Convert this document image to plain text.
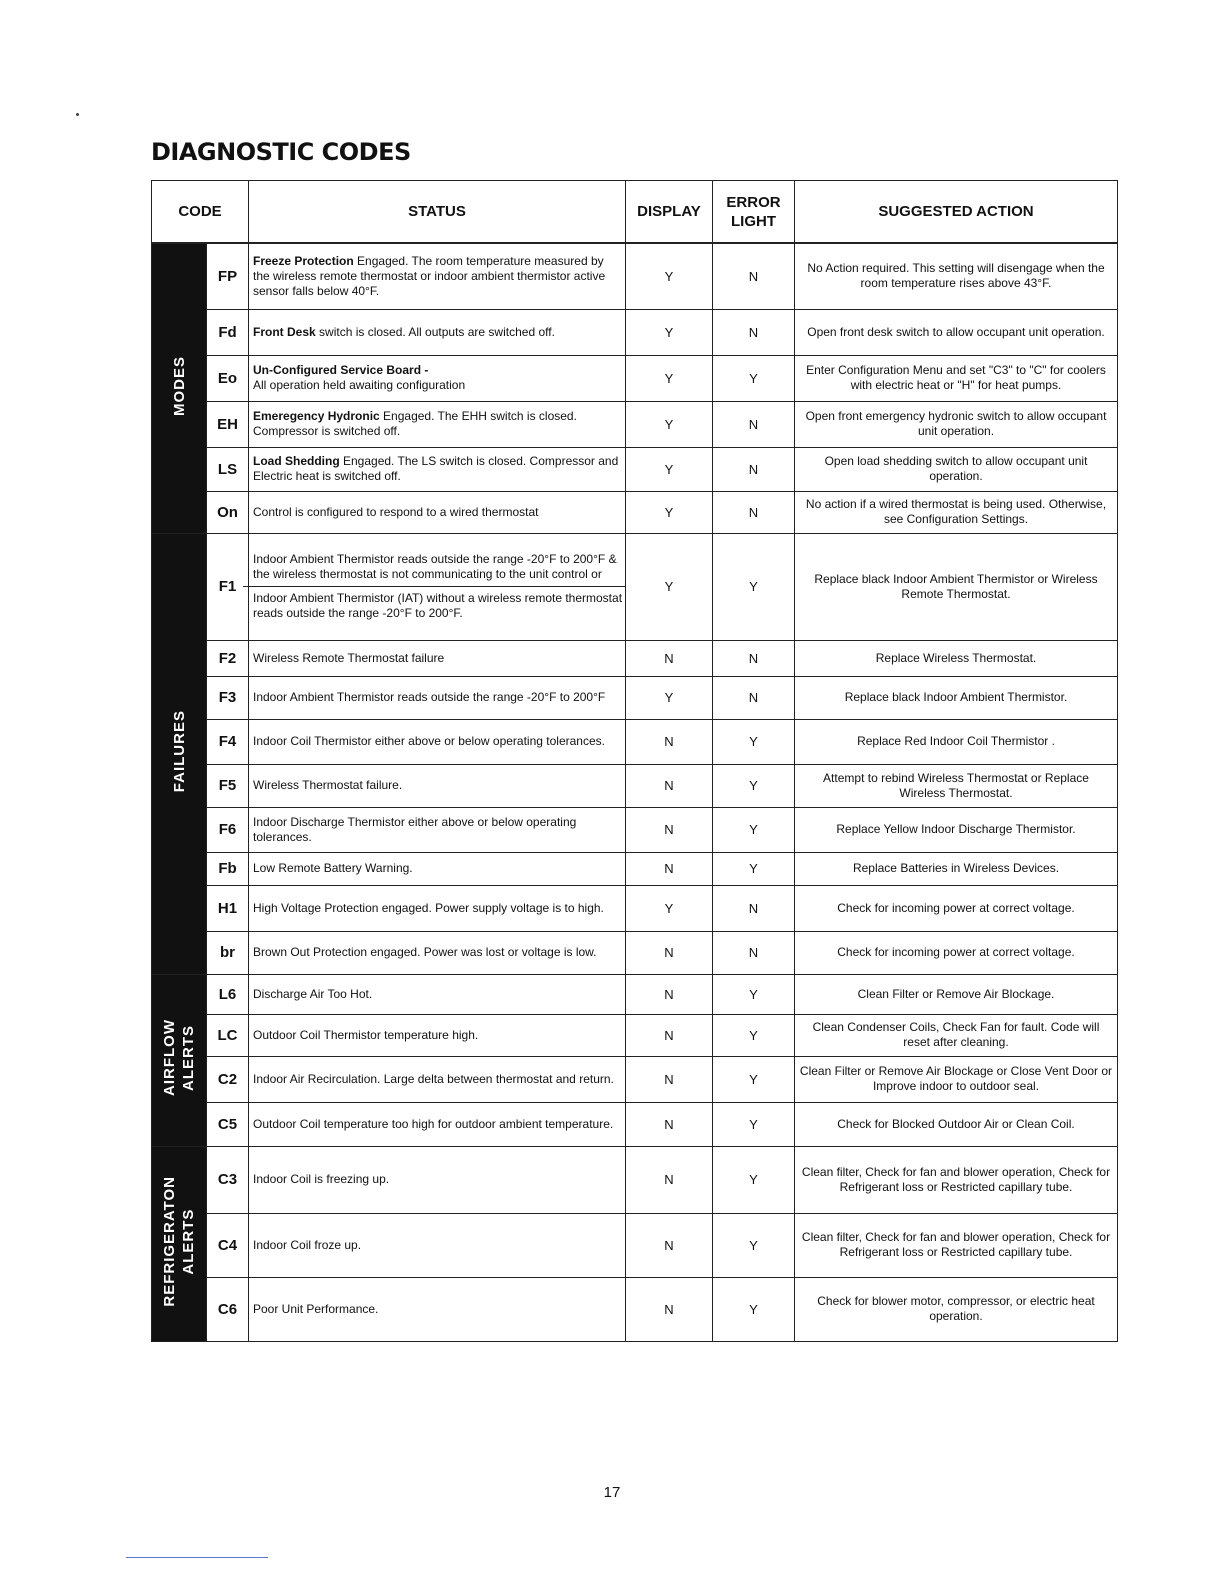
DIAGNOSTIC CODES
CODE		STATUS	DISPLAY	ERROR
LIGHT	SUGGESTED ACTION
MODES	FP	Freeze Protection Engaged. The room temperature measured by the wireless remote thermostat or indoor ambient thermistor active sensor falls below 40°F.	Y	N	No Action required. This setting will disengage when the room temperature rises above 43°F.
	Fd	Front Desk switch is closed. All outputs are switched off.	Y	N	Open front desk switch to allow occupant unit operation.
	Eo	Un-Configured Service Board -
All operation held awaiting configuration	Y	Y	Enter Configuration Menu and set "C3" to "C" for coolers with electric heat or "H" for heat pumps.
	EH	Emeregency Hydronic Engaged. The EHH switch is closed. Compressor is switched off.	Y	N	Open front emergency hydronic switch to allow occupant unit operation.
	LS	Load Shedding Engaged. The LS switch is closed. Compressor and Electric heat is switched off.	Y	N	Open load shedding switch to allow occupant unit operation.
	On	Control is configured to respond to a wired thermostat	Y	N	No action if a wired thermostat is being used. Otherwise, see Configuration Settings.
FAILURES	F1	Indoor Ambient Thermistor reads outside the range -20°F to 200°F & the wireless thermostat is not communicating to the unit control or
Indoor Ambient Thermistor (IAT) without a wireless remote thermostat reads outside the range -20°F to 200°F.	Y	Y	Replace black Indoor Ambient Thermistor or Wireless Remote Thermostat.
	F2	Wireless Remote Thermostat failure	N	N	Replace Wireless Thermostat.
	F3	Indoor Ambient Thermistor reads outside the range -20°F to 200°F	Y	N	Replace black Indoor Ambient Thermistor.
	F4	Indoor Coil Thermistor either above or below operating tolerances.	N	Y	Replace Red Indoor Coil Thermistor .
	F5	Wireless Thermostat failure.	N	Y	Attempt to rebind Wireless Thermostat or Replace Wireless Thermostat.
	F6	Indoor Discharge Thermistor either above or below operating tolerances.	N	Y	Replace Yellow Indoor Discharge Thermistor.
	Fb	Low Remote Battery Warning.	N	Y	Replace Batteries in Wireless Devices.
	H1	High Voltage Protection engaged. Power supply voltage is to high.	Y	N	Check for incoming power at correct voltage.
	br	Brown Out Protection engaged. Power was lost or voltage is low.	N	N	Check for incoming power at correct voltage.
AIRFLOW
ALERTS	L6	Discharge Air Too Hot.	N	Y	Clean Filter or Remove Air Blockage.
	LC	Outdoor Coil Thermistor temperature high.	N	Y	Clean Condenser Coils, Check Fan for fault. Code will reset after cleaning.
	C2	Indoor Air Recirculation. Large delta between thermostat and return.	N	Y	Clean Filter or Remove Air Blockage or Close Vent Door or Improve indoor to outdoor seal.
	C5	Outdoor Coil temperature too high for outdoor ambient temperature.	N	Y	Check for Blocked Outdoor Air or Clean Coil.
REFRIGERATON
ALERTS	C3	Indoor Coil is freezing up.	N	Y	Clean filter, Check for fan and blower operation, Check for Refrigerant loss or Restricted capillary tube.
	C4	Indoor Coil froze up.	N	Y	Clean filter, Check for fan and blower operation, Check for Refrigerant loss or Restricted capillary tube.
	C6	Poor Unit Performance.	N	Y	Check for blower motor, compressor, or electric heat operation.
17
